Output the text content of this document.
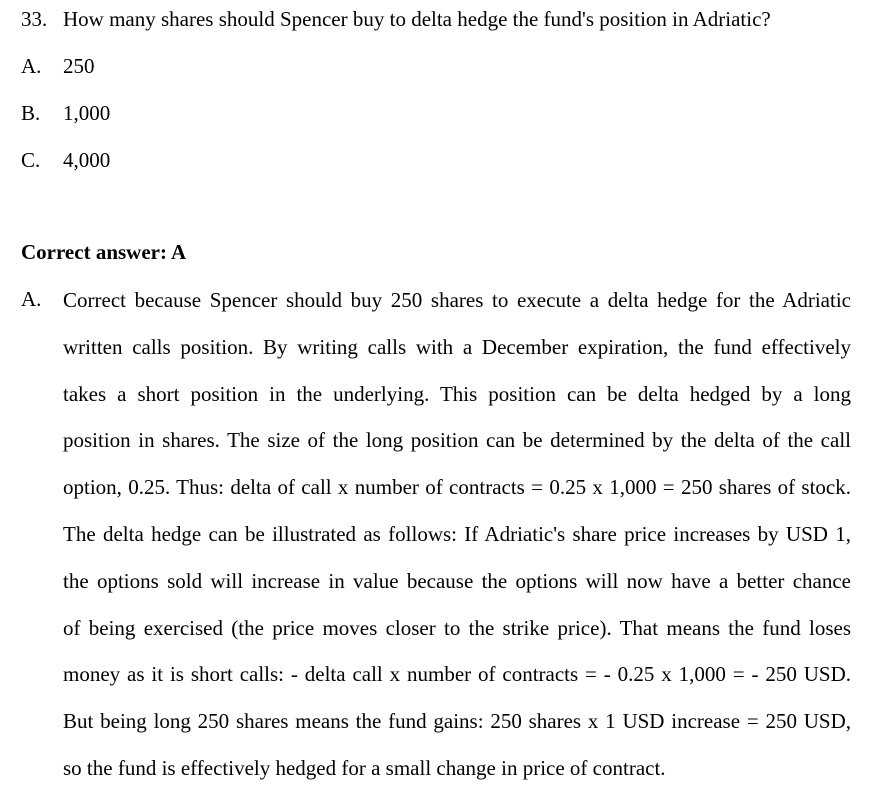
33. How many shares should Spencer buy to delta hedge the fund's position in Adriatic?
A. 250
B. 1,000
C. 4,000
Correct answer: A
A. Correct because Spencer should buy 250 shares to execute a delta hedge for the Adriatic
written calls position. By writing calls with a December expiration, the fund effectively
takes a short position in the underlying. This position can be delta hedged by a long
position in shares. The size of the long position can be determined by the delta of the call
option, 0.25. Thus: delta of call x number of contracts = 0.25 x 1,000 = 250 shares of stock.
The delta hedge can be illustrated as follows: If Adriatic's share price increases by USD 1,
the options sold will increase in value because the options will now have a better chance
of being exercised (the price moves closer to the strike price). That means the fund loses
money as it is short calls: - delta call x number of contracts = - 0.25 x 1,000 = - 250 USD.
But being long 250 shares means the fund gains: 250 shares x 1 USD increase = 250 USD,
so the fund is effectively hedged for a small change in price of contract.
